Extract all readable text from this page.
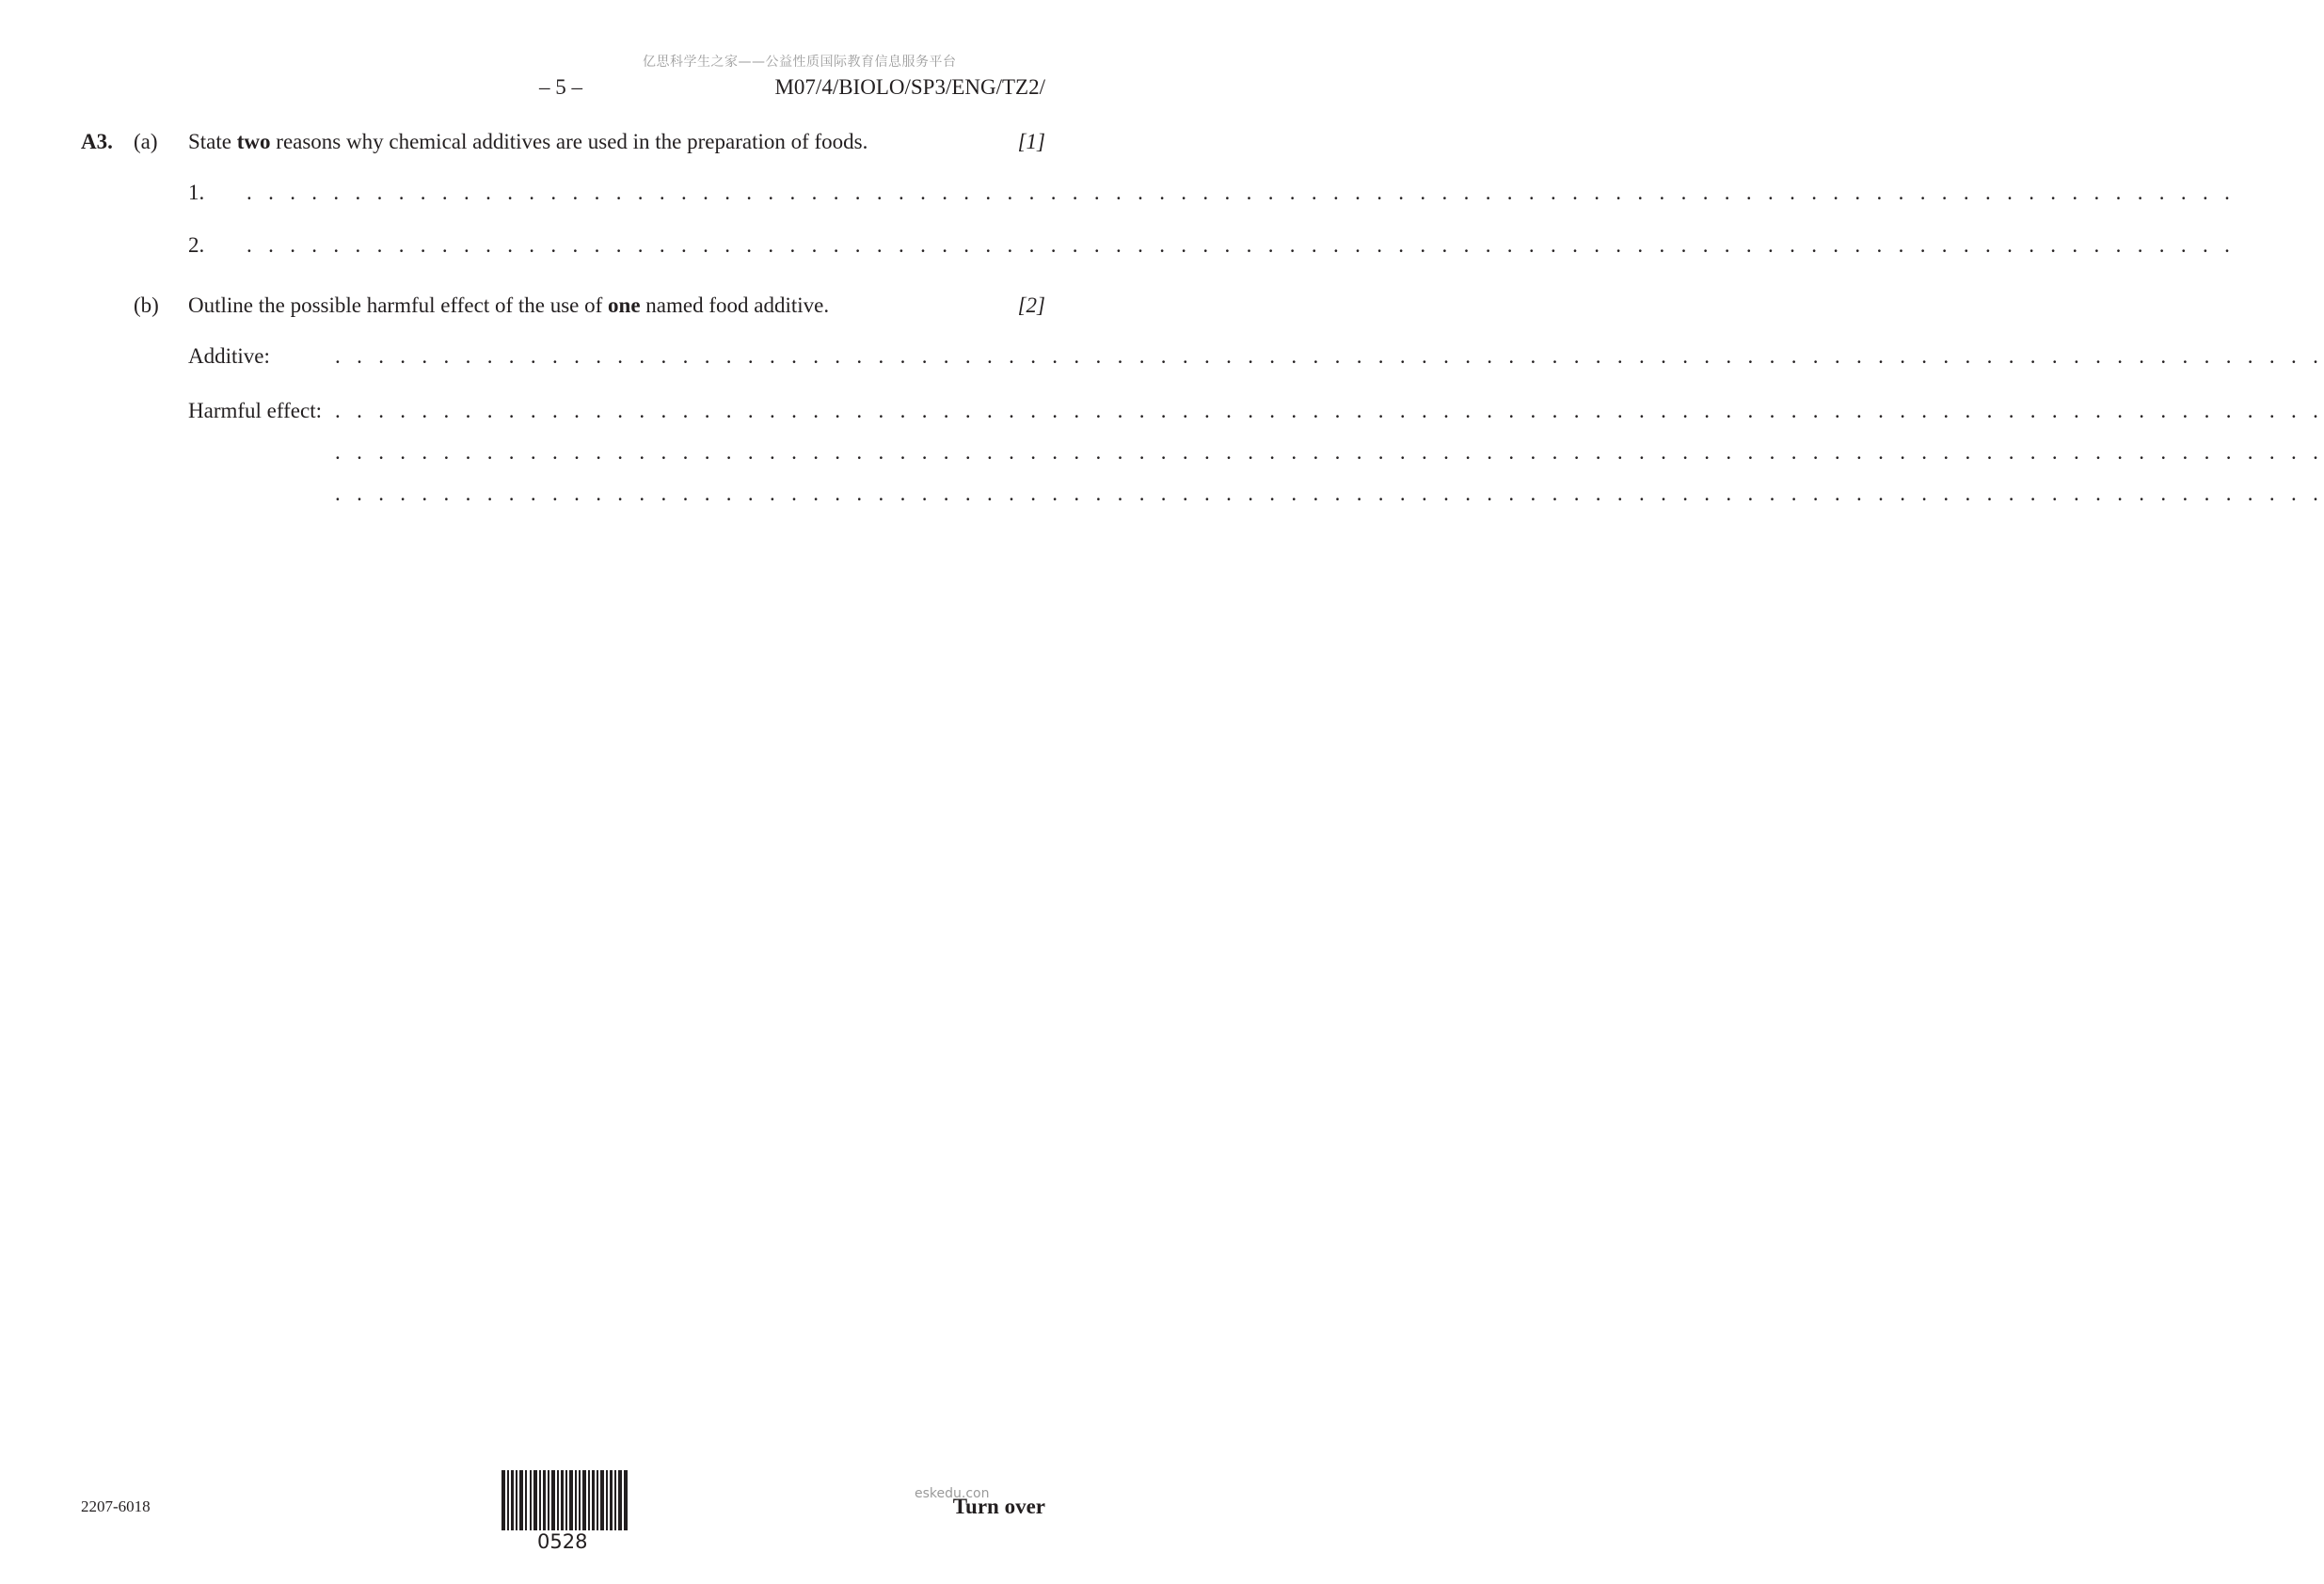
亿思科学生之家——公益性质国际教育信息服务平台
– 5 –	M07/4/BIOLO/SP3/ENG/TZ2/
A3. (a) State two reasons why chemical additives are used in the preparation of foods.	[1]
1. . . . . . . . . . . . . . . . . . . . . . . . . . . . . . . . . . . . . . . . . . . . . . . . . . . . . . . . . . . . . . . . . . . . . . . . . . . . . . . . . . . . . . . . . . . . .
2. . . . . . . . . . . . . . . . . . . . . . . . . . . . . . . . . . . . . . . . . . . . . . . . . . . . . . . . . . . . . . . . . . . . . . . . . . . . . . . . . . . . . . . . . . . . .
(b) Outline the possible harmful effect of the use of one named food additive.	[2]
Additive:	. . . . . . . . . . . . . . . . . . . . . . . . . . . . . . . . . . . . . . . . . . . . . . . . . . . . . . . . . . . . . . . . . . . . . . . . . . . . . . . . . . . . . . . . . . . .
Harmful effect: . . . . . . . . . . . . . . . . . . . . . . . . . . . . . . . . . . . . . . . . . . . . . . . . . . . . . . . . . . . . . . . . . . . . . . . . . . . . . . . . . . . . . . . . . . . .
. . . . . . . . . . . . . . . . . . . . . . . . . . . . . . . . . . . . . . . . . . . . . . . . . . . . . . . . . . . . . . . . . . . . . . . . . . . . . . . . . . . . . . . . . . . .
. . . . . . . . . . . . . . . . . . . . . . . . . . . . . . . . . . . . . . . . . . . . . . . . . . . . . . . . . . . . . . . . . . . . . . . . . . . . . . . . . . . . . . . . . . . .
2207-6018
0528
Turn over
eskedu.con
